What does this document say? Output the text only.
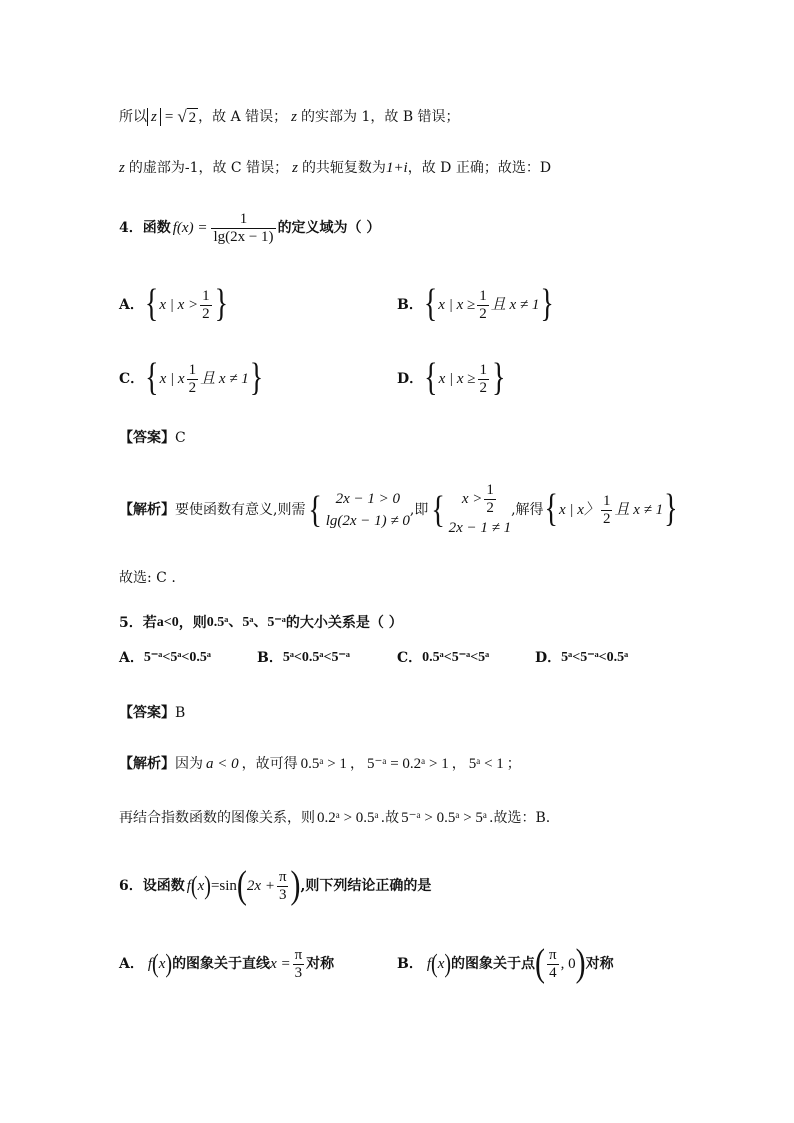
所以 z = √ 2 ，故 A 错误； z 的实部为 1，故 B 错误；
z 的虚部为-1，故 C 错误； z 的共轭复数为 1+i ，故 D 正确；故选：D
4． 函数 $f(x) = \frac{1}{\lg(2x - 1)}$ 的定义域为（ ）
A． { x | $x > \frac{1}{2}$ }	B． { x | $x \ge \frac{1}{2}$ 且 x ≠ 1 }
C． { x | x $\frac{1}{2}$ 且 x ≠ 1 }	D． { x | $x \ge \frac{1}{2}$ }
【答案】 C
【解析】 要使函数有意义,则需 { 2x − 1 > 0
lg(2x − 1) ≠ 0
,即 { $x > \frac{1}{2}$
2x − 1 ≠ 1
,解得 { x | x〉 $\frac{1}{2}$ 且 x ≠ 1 }
故选: C .
5． 若 a<0 ，则 0.5ᵃ、5ᵃ、5⁻ᵃ 的大小关系是（ ）
A． 5⁻ᵃ<5ᵃ<0.5ᵃ	B． 5ᵃ<0.5ᵃ<5⁻ᵃ	C． 0.5ᵃ<5⁻ᵃ<5ᵃ	D． 5ᵃ<5⁻ᵃ<0.5ᵃ
【答案】 B
【解析】 因为 a < 0 ，故可得 0.5ᵃ > 1 ， 5⁻ᵃ = 0.2ᵃ > 1 ， 5ᵃ < 1 ；
再结合指数函数的图像关系，则 0.2ᵃ > 0.5ᵃ .故 5⁻ᵃ > 0.5ᵃ > 5ᵃ .故选：B.
6． 设函数 f ( x ) =sin ( $2x + \frac{\pi}{3}$ ) ,则下列结论正确的是
A． f ( x ) 的图象关于直线 $x = \frac{\pi}{3}$ 对称	B． f ( x ) 的图象关于点 ( $\frac{\pi}{4}$ , 0 ) 对称
